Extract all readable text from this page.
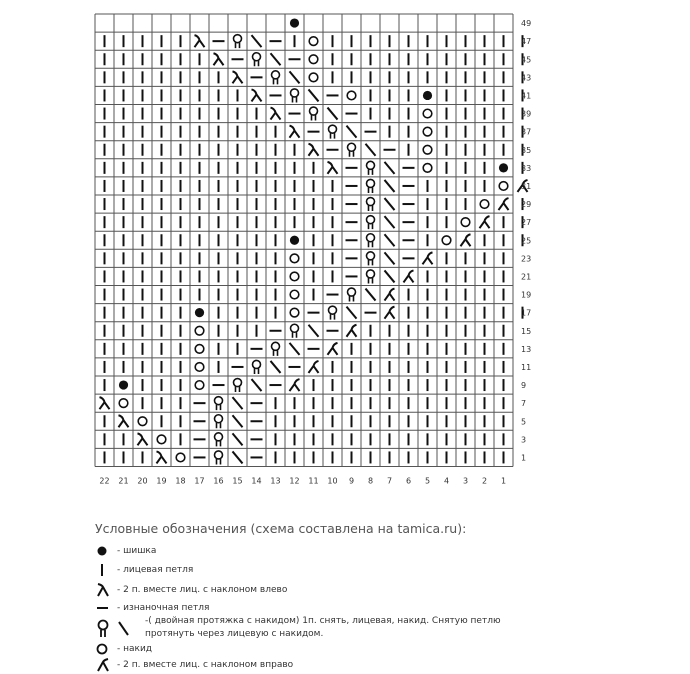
49
47
45
43
41
39
37
35
33
31
29
27
25
23
21
19
17
15
13
11
9
7
5
3
1
22 21 20 19 18 17 16 15 14 13 12 11 10 9 8 7 6 5 4 3 2 1
Условные обозначения (схема составлена на tamica.ru):
- шишка
- лицевая петля
- 2 п. вместе лиц. с наклоном влево
- изнаночная петля
-( двойная протяжка с накидом) 1п. снять, лицевая, накид. Снятую петлю
протянуть через лицевую с накидом.
- накид
- 2 п. вместе лиц. с наклоном вправо
